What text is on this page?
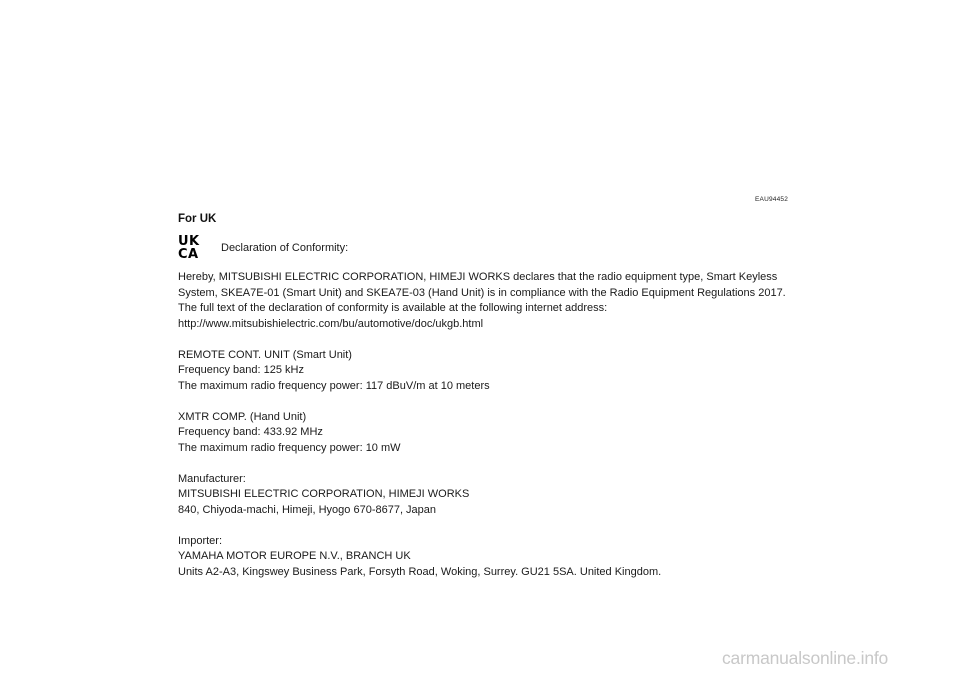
EAU94452
For UK
UK
CA	Declaration of Conformity:
Hereby, MITSUBISHI ELECTRIC CORPORATION, HIMEJI WORKS declares that the radio equipment type, Smart Keyless
System, SKEA7E-01 (Smart Unit) and SKEA7E-03 (Hand Unit) is in compliance with the Radio Equipment Regulations 2017.
The full text of the declaration of conformity is available at the following internet address:
http://www.mitsubishielectric.com/bu/automotive/doc/ukgb.html
REMOTE CONT. UNIT (Smart Unit)
Frequency band: 125 kHz
The maximum radio frequency power: 117 dBuV/m at 10 meters
XMTR COMP. (Hand Unit)
Frequency band: 433.92 MHz
The maximum radio frequency power: 10 mW
Manufacturer:
MITSUBISHI ELECTRIC CORPORATION, HIMEJI WORKS
840, Chiyoda-machi, Himeji, Hyogo 670-8677, Japan
Importer:
YAMAHA MOTOR EUROPE N.V., BRANCH UK
Units A2-A3, Kingswey Business Park, Forsyth Road, Woking, Surrey. GU21 5SA. United Kingdom.
carmanualsonline.info
